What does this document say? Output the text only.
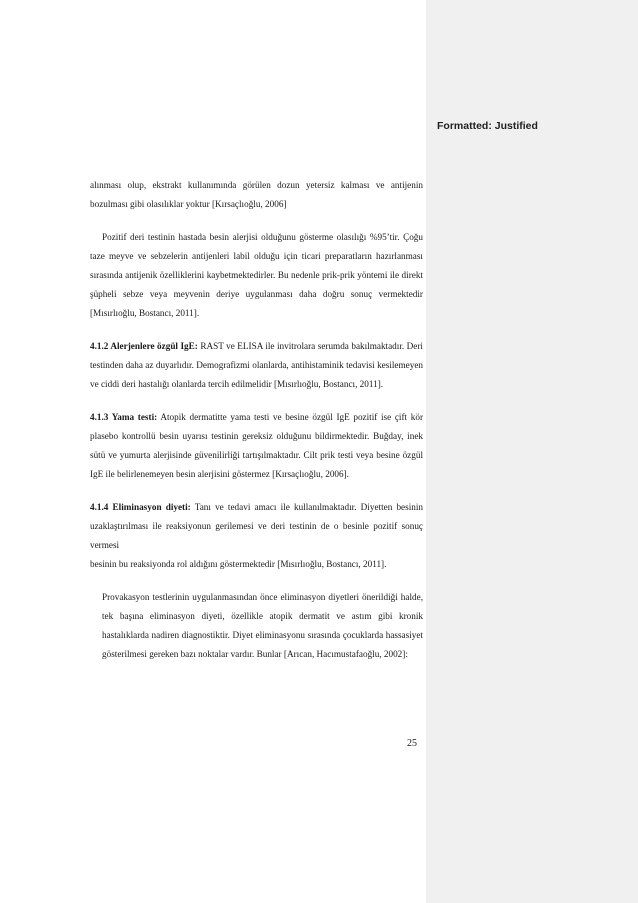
Formatted: Justified

alınması olup, ekstrakt kullanımında görülen dozun yetersiz kalması ve antijenin bozulması gibi olasılıklar yoktur [Kırsaçlıoğlu, 2006]

Pozitif deri testinin hastada besin alerjisi olduğunu gösterme olasılığı %95’tir. Çoğu taze meyve ve sebzelerin antijenleri labil olduğu için ticari preparatların hazırlanması sırasında antijenik özelliklerini kaybetmektedirler. Bu nedenle prik-prik yöntemi ile direkt şüpheli sebze veya meyvenin deriye uygulanması daha doğru sonuç vermektedir [Mısırlıoğlu, Bostancı, 2011].

4.1.2 Alerjenlere özgül IgE: RAST ve ELISA ile invitrolara serumda bakılmaktadır. Deri testinden daha az duyarlıdır. Demografizmi olanlarda, antihistaminik tedavisi kesilemeyen ve ciddi deri hastalığı olanlarda tercih edilmelidir [Mısırlıoğlu, Bostancı, 2011].

4.1.3 Yama testi: Atopik dermatitte yama testi ve besine özgül IgE pozitif ise çift kör plasebo kontrollü besin uyarısı testinin gereksiz olduğunu bildirmektedir. Buğday, inek sütü ve yumurta alerjisinde güvenilirliği tartışılmaktadır. Cilt prik testi veya besine özgül IgE ile belirlenemeyen besin alerjisini göstermez [Kırsaçlıoğlu, 2006].

4.1.4 Eliminasyon diyeti: Tanı ve tedavi amacı ile kullanılmaktadır. Diyetten besinin uzaklaştırılması ile reaksiyonun gerilemesi ve deri testinin de o besinle pozitif sonuç vermesi

besinin bu reaksiyonda rol aldığını göstermektedir [Mısırlıoğlu, Bostancı, 2011].

Provakasyon testlerinin uygulanmasından önce eliminasyon diyetleri önerildiği halde, tek başına eliminasyon diyeti, özellikle atopik dermatit ve astım gibi kronik hastalıklarda nadiren diagnostiktir. Diyet eliminasyonu sırasında çocuklarda hassasiyet gösterilmesi gereken bazı noktalar vardır. Bunlar [Arıcan, Hacımustafaoğlu, 2002]:

25
